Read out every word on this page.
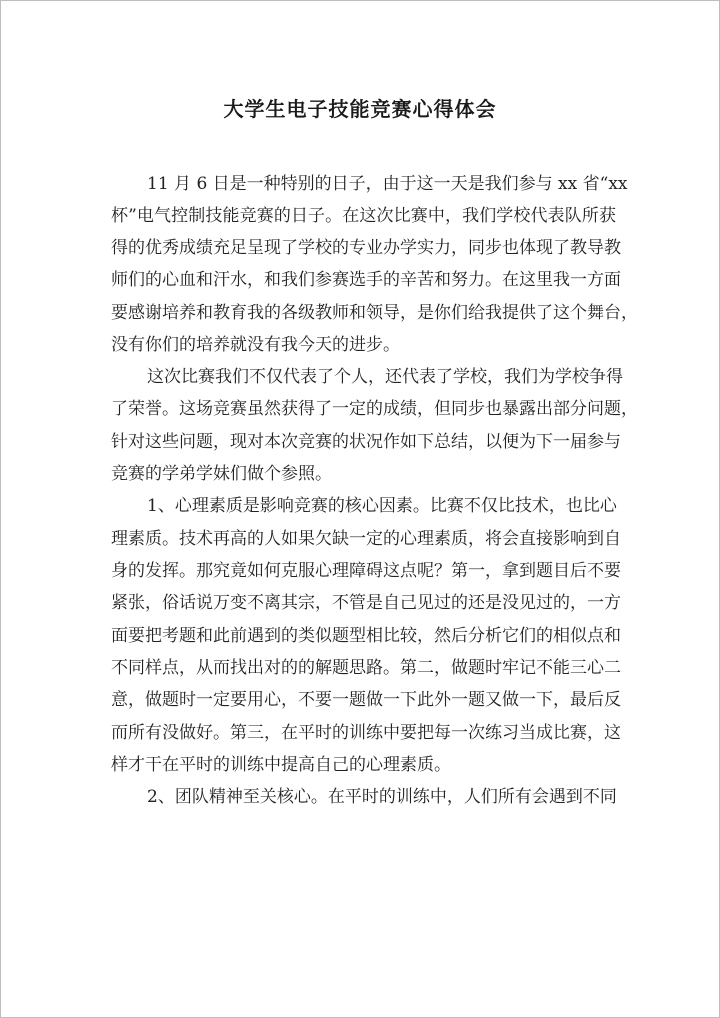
大学生电子技能竞赛心得体会
11 月 6 日是一种特别的日子，由于这一天是我们参与 xx 省“xx
杯”电气控制技能竞赛的日子。在这次比赛中，我们学校代表队所获
得的优秀成绩充足呈现了学校的专业办学实力，同步也体现了教导教
师们的心血和汗水，和我们参赛选手的辛苦和努力。在这里我一方面
要感谢培养和教育我的各级教师和领导，是你们给我提供了这个舞台，
没有你们的培养就没有我今天的进步。
这次比赛我们不仅代表了个人，还代表了学校，我们为学校争得
了荣誉。这场竞赛虽然获得了一定的成绩，但同步也暴露出部分问题，
针对这些问题，现对本次竞赛的状况作如下总结，以便为下一届参与
竞赛的学弟学妹们做个参照。
1、心理素质是影响竞赛的核心因素。比赛不仅比技术，也比心
理素质。技术再高的人如果欠缺一定的心理素质，将会直接影响到自
身的发挥。那究竟如何克服心理障碍这点呢？第一，拿到题目后不要
紧张，俗话说万变不离其宗，不管是自己见过的还是没见过的，一方
面要把考题和此前遇到的类似题型相比较，然后分析它们的相似点和
不同样点，从而找出对的的解题思路。第二，做题时牢记不能三心二
意，做题时一定要用心，不要一题做一下此外一题又做一下，最后反
而所有没做好。第三，在平时的训练中要把每一次练习当成比赛，这
样才干在平时的训练中提高自己的心理素质。
2、团队精神至关核心。在平时的训练中，人们所有会遇到不同
